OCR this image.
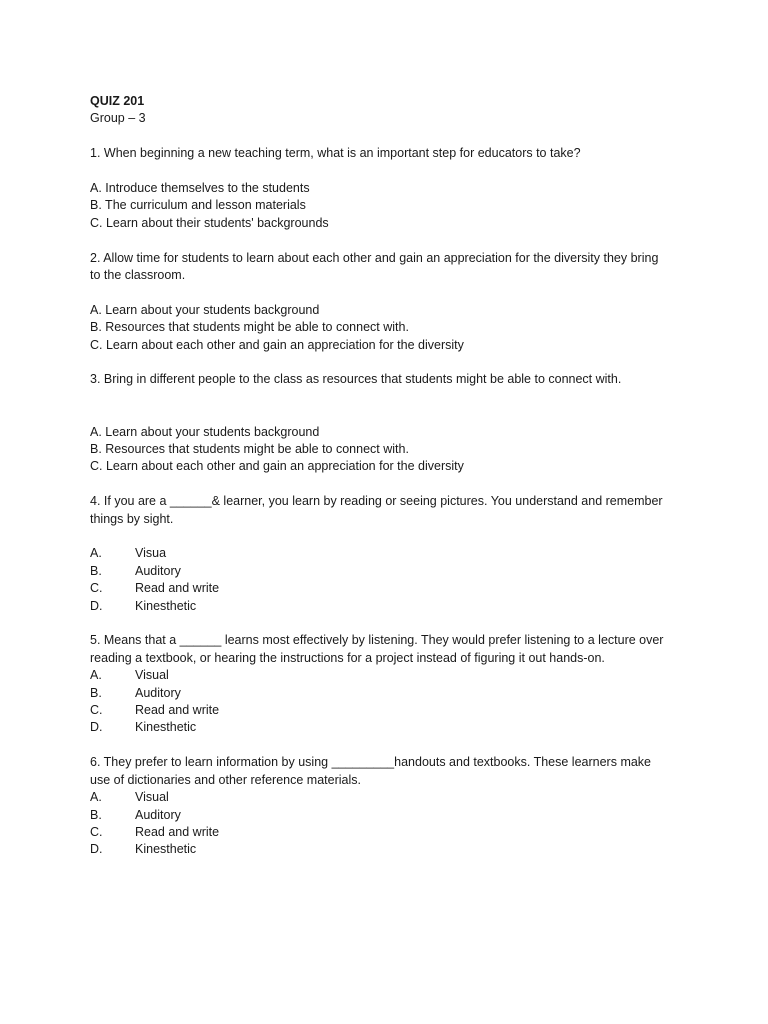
QUIZ 201
Group – 3
1. When beginning a new teaching term, what is an important step for educators to take?
A. Introduce themselves to the students
B. The curriculum and lesson materials
C. Learn about their students' backgrounds
2. Allow time for students to learn about each other and gain an appreciation for the diversity they bring
to the classroom.
A. Learn about your students background
B. Resources that students might be able to connect with.
C. Learn about each other and gain an appreciation for the diversity
3. Bring in different people to the class as resources that students might be able to connect with.
A. Learn about your students background
B. Resources that students might be able to connect with.
C. Learn about each other and gain an appreciation for the diversity
4. If you are a ______& learner, you learn by reading or seeing pictures. You understand and remember
things by sight.
A.	Visua
B.	Auditory
C.	Read and write
D.	Kinesthetic
5. Means that a ______ learns most effectively by listening. They would prefer listening to a lecture over
reading a textbook, or hearing the instructions for a project instead of figuring it out hands-on.
A.	Visual
B.	Auditory
C.	Read and write
D.	Kinesthetic
6. They prefer to learn information by using _________handouts and textbooks. These learners make
use of dictionaries and other reference materials.
A.	Visual
B.	Auditory
C.	Read and write
D.	Kinesthetic
